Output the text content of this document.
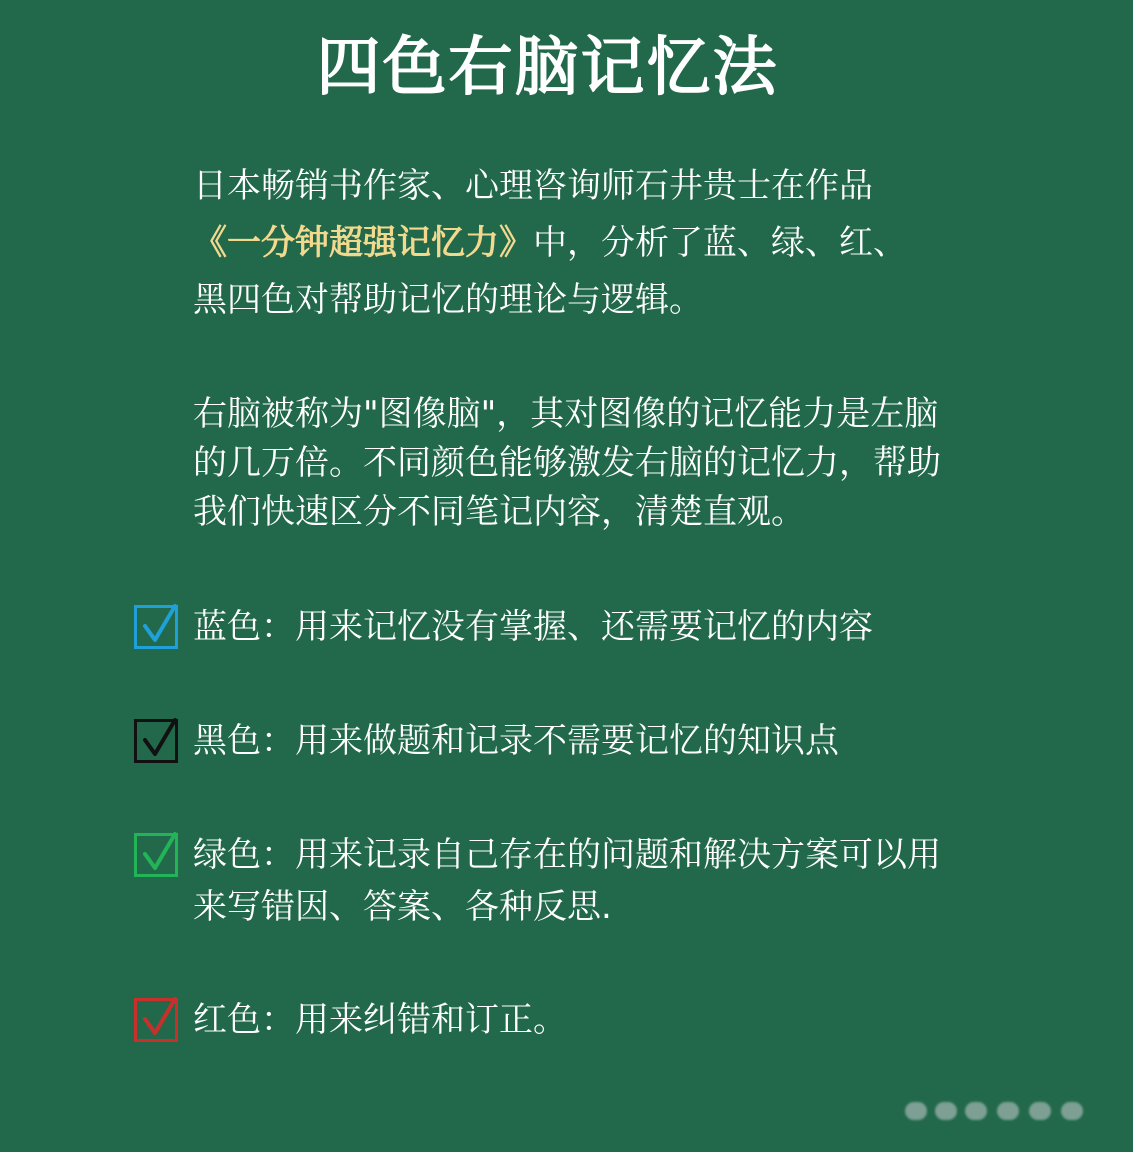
四色右脑记忆法

日本畅销书作家、心理咨询师石井贵士在作品

《一分钟超强记忆力》中，分析了蓝、绿、红、

黑四色对帮助记忆的理论与逻辑。

右脑被称为"图像脑"，其对图像的记忆能力是左脑

的几万倍。不同颜色能够激发右脑的记忆力，帮助

我们快速区分不同笔记内容，清楚直观。

蓝色：用来记忆没有掌握、还需要记忆的内容

黑色：用来做题和记录不需要记忆的知识点

绿色：用来记录自己存在的问题和解决方案可以用

来写错因、答案、各种反思.

红色：用来纠错和订正。
